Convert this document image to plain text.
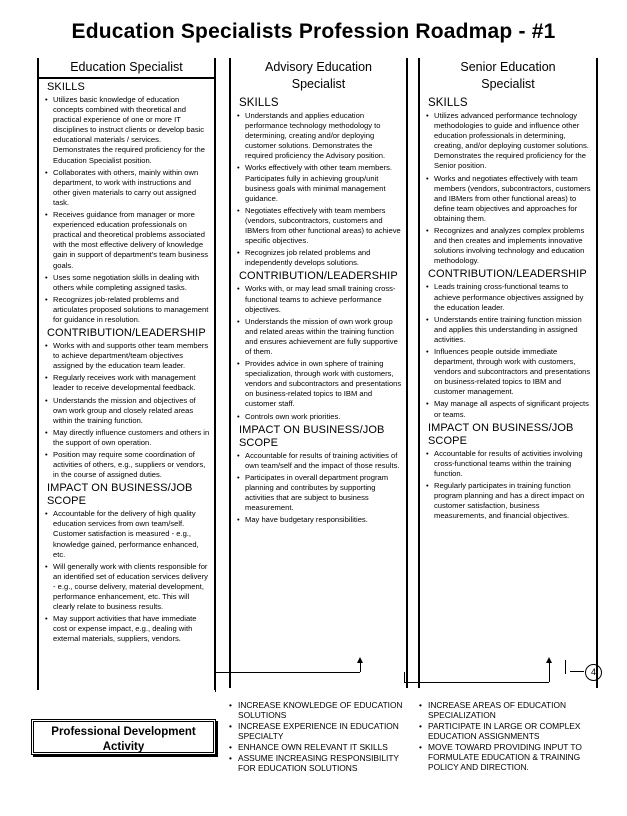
Education Specialists Profession Roadmap - #1
Education Specialist
SKILLS
• Utilizes basic knowledge of education concepts combined with theoretical and practical experience of one or more IT disciplines to instruct clients or develop basic educational materials / services. Demonstrates the required proficiency for the Education Specialist position.
• Collaborates with others, mainly within own department, to work with instructions and other given materials to carry out assigned task.
• Receives guidance from manager or more experienced education professionals on practical and theoretical problems associated with the most effective delivery of knowledge gain in support of department's team business goals.
• Uses some negotiation skills in dealing with others while completing assigned tasks.
• Recognizes job-related problems and articulates proposed solutions to management for guidance in resolution.
CONTRIBUTION/LEADERSHIP
• Works with and supports other team members to achieve department/team objectives assigned by the education team leader.
• Regularly receives work with management leader to receive developmental feedback.
• Understands the mission and objectives of own work group and closely related areas within the training function.
• May directly influence customers and others in the support of own operation.
• Position may require some coordination of activities of others, e.g., suppliers or vendors, in the course of assigned duties.
IMPACT ON BUSINESS/JOB SCOPE
• Accountable for the delivery of high quality education services from own team/self. Customer satisfaction is measured - e.g., knowledge gained, performance enhanced, etc.
• Will generally work with clients responsible for an identified set of education services delivery - e.g., course delivery, material development, performance enhancement, etc. This will clearly relate to business results.
• May support activities that have immediate cost or expense impact, e.g., dealing with external materials, suppliers, vendors.
Advisory Education Specialist
SKILLS
• Understands and applies education performance technology methodology to determining, creating and/or deploying customer solutions. Demonstrates the required proficiency the Advisory position.
• Works effectively with other team members. Participates fully in achieving group/unit business goals with minimal management guidance.
• Negotiates effectively with team members (vendors, subcontractors, customers and IBMers from other functional areas) to achieve specific objectives.
• Recognizes job related problems and independently develops solutions.
CONTRIBUTION/LEADERSHIP
• Works with, or may lead small training cross-functional teams to achieve performance objectives.
• Understands the mission of own work group and related areas within the training function and ensures achievement are fully supportive of them.
• Provides advice in own sphere of training specialization, through work with customers, vendors and subcontractors and presentations on business-related topics to IBM and customer staff.
• Controls own work priorities.
IMPACT ON BUSINESS/JOB SCOPE
• Accountable for results of training activities of own team/self and the impact of those results.
• Participates in overall department program planning and contributes by supporting activities that are subject to business measurement.
• May have budgetary responsibilities.
Senior Education Specialist
SKILLS
• Utilizes advanced performance technology methodologies to guide and influence other education professionals in determining, creating, and/or deploying customer solutions. Demonstrates the required proficiency for the Senior position.
• Works and negotiates effectively with team members (vendors, subcontractors, customers and IBMers from other functional areas) to define team objectives and approaches for obtaining them.
• Recognizes and analyzes complex problems and then creates and implements innovative solutions involving technology and education methodology.
CONTRIBUTION/LEADERSHIP
• Leads training cross-functional teams to achieve performance objectives assigned by the education leader.
• Understands entire training function mission and applies this understanding in assigned activities.
• Influences people outside immediate department, through work with customers, vendors and subcontractors and presentations on business-related topics to IBM and customer management.
• May manage all aspects of significant projects or teams.
IMPACT ON BUSINESS/JOB SCOPE
• Accountable for results of activities involving cross-functional teams within the training function.
• Regularly participates in training function program planning and has a direct impact on customer satisfaction, business measurements, and financial objectives.
4
Professional Development Activity
• INCREASE KNOWLEDGE OF EDUCATION SOLUTIONS
• INCREASE EXPERIENCE IN EDUCATION SPECIALTY
• ENHANCE OWN RELEVANT IT SKILLS
• ASSUME INCREASING RESPONSIBILITY FOR EDUCATION SOLUTIONS
• INCREASE AREAS OF EDUCATION SPECIALIZATION
• PARTICIPATE IN LARGE OR COMPLEX EDUCATION ASSIGNMENTS
• MOVE TOWARD PROVIDING INPUT TO FORMULATE EDUCATION & TRAINING POLICY AND DIRECTION.
